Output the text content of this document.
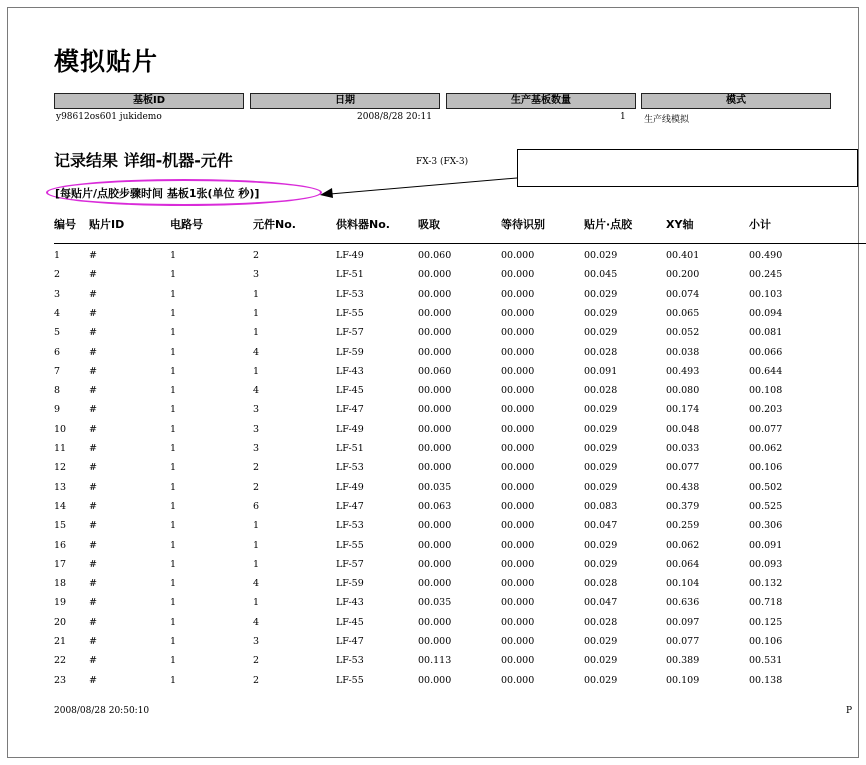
模拟贴片
基板ID	日期	生产基板数量	模式
y98612os601 jukidemo	2008/8/28 20:11	1 生产线模拟
记录结果 详细-机器-元件	FX-3 (FX-3)
[每贴片/点胶步骤时间 基板1张(单位 秒)]
编号 贴片ID	电路号	元件No.	供料器No.	吸取	等待识别	贴片·点胶	XY轴	小计
1	#	1	2	LF-49	00.060	00.000	00.029	00.401	00.490
2	#	1	3	LF-51	00.000	00.000	00.045	00.200	00.245
3	#	1	1	LF-53	00.000	00.000	00.029	00.074	00.103
4	#	1	1	LF-55	00.000	00.000	00.029	00.065	00.094
5	#	1	1	LF-57	00.000	00.000	00.029	00.052	00.081
6	#	1	4	LF-59	00.000	00.000	00.028	00.038	00.066
7	#	1	1	LF-43	00.060	00.000	00.091	00.493	00.644
8	#	1	4	LF-45	00.000	00.000	00.028	00.080	00.108
9	#	1	3	LF-47	00.000	00.000	00.029	00.174	00.203
10 #	1	3	LF-49	00.000	00.000	00.029	00.048	00.077
11 #	1	3	LF-51	00.000	00.000	00.029	00.033	00.062
12 #	1	2	LF-53	00.000	00.000	00.029	00.077	00.106
13 #	1	2	LF-49	00.035	00.000	00.029	00.438	00.502
14 #	1	6	LF-47	00.063	00.000	00.083	00.379	00.525
15 #	1	1	LF-53	00.000	00.000	00.047	00.259	00.306
16 #	1	1	LF-55	00.000	00.000	00.029	00.062	00.091
17 #	1	1	LF-57	00.000	00.000	00.029	00.064	00.093
18 #	1	4	LF-59	00.000	00.000	00.028	00.104	00.132
19 #	1	1	LF-43	00.035	00.000	00.047	00.636	00.718
20 #	1	4	LF-45	00.000	00.000	00.028	00.097	00.125
21 #	1	3	LF-47	00.000	00.000	00.029	00.077	00.106
22 #	1	2	LF-53	00.113	00.000	00.029	00.389	00.531
23 #	1	2	LF-55	00.000	00.000	00.029	00.109	00.138
2008/08/28 20:50:10	P
